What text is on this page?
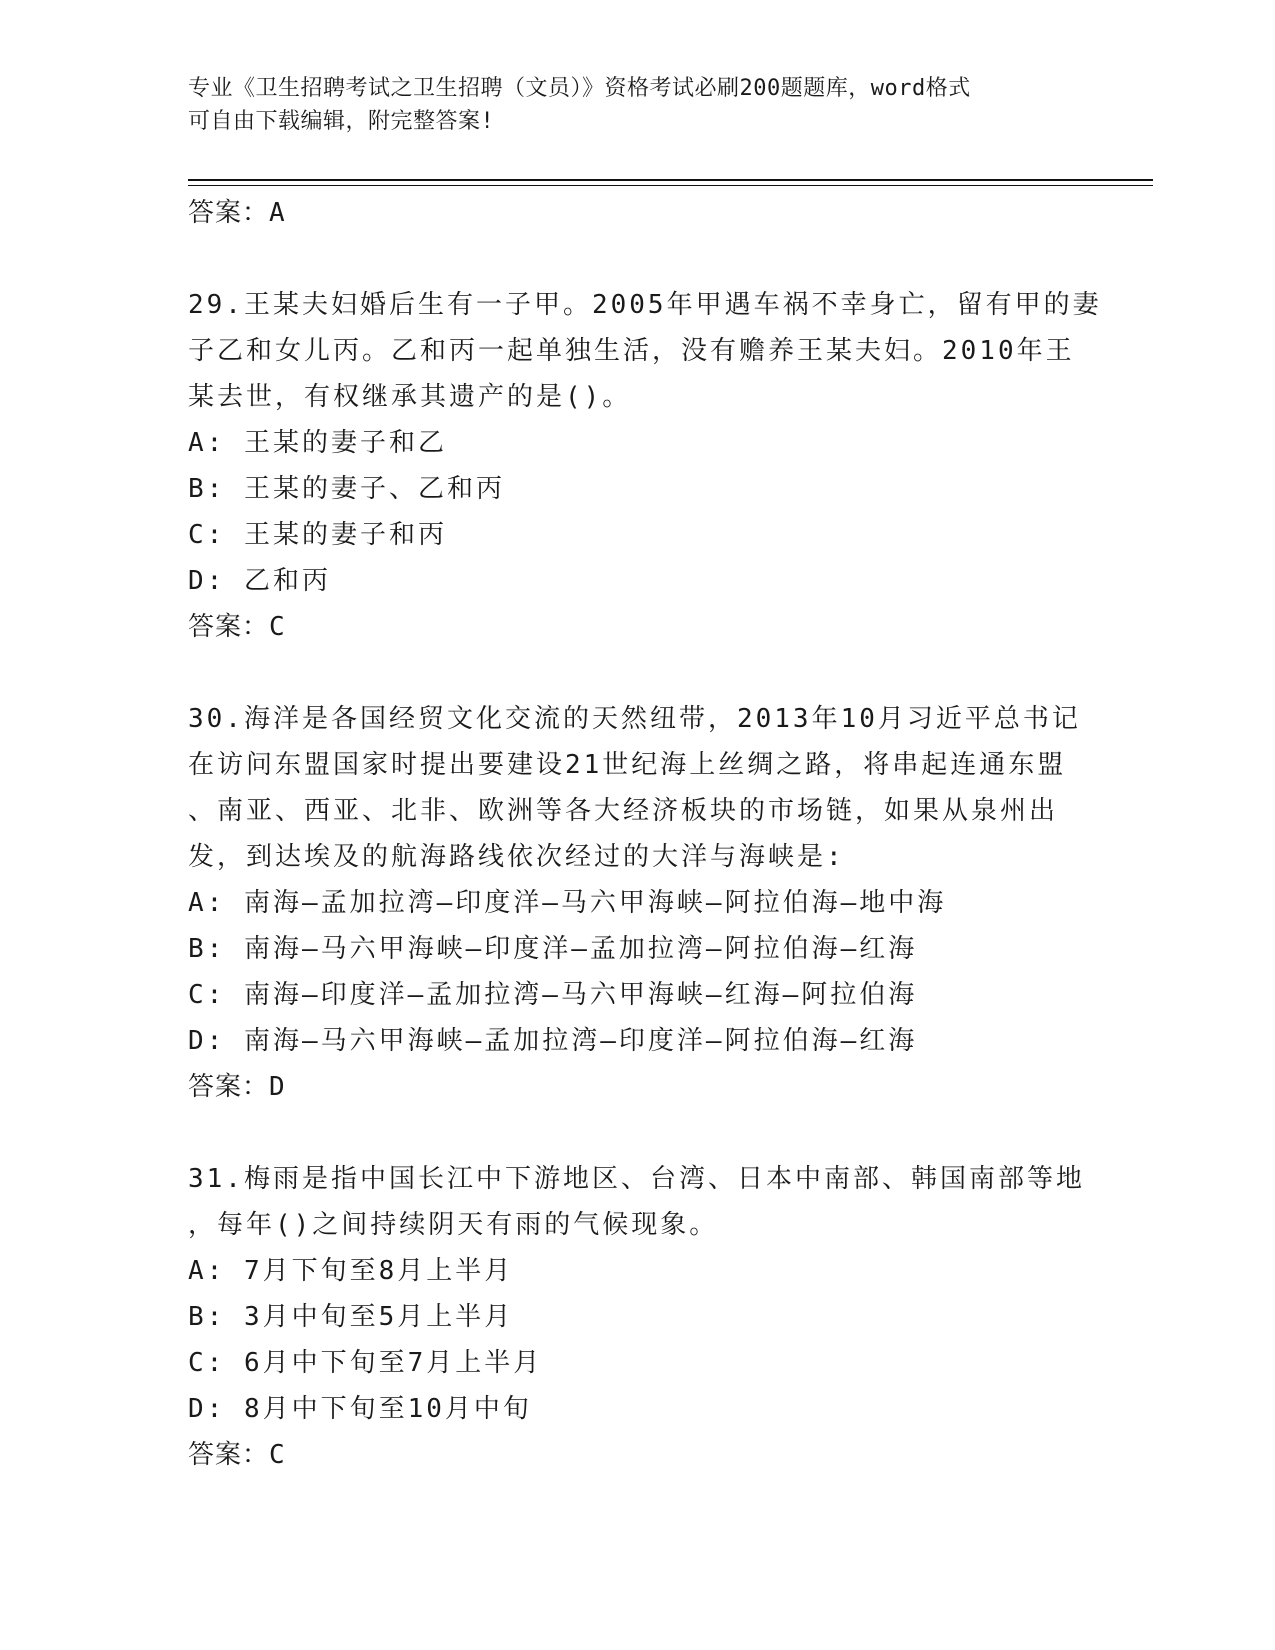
专业《卫生招聘考试之卫生招聘（文员）》资格考试必刷200题题库，word格式
可自由下载编辑，附完整答案!
答案：A
29.王某夫妇婚后生有一子甲。2005年甲遇车祸不幸身亡，留有甲的妻
子乙和女儿丙。乙和丙一起单独生活，没有赡养王某夫妇。2010年王
某去世，有权继承其遗产的是()。
A: 王某的妻子和乙
B: 王某的妻子、乙和丙
C: 王某的妻子和丙
D: 乙和丙
答案：C
30.海洋是各国经贸文化交流的天然纽带，2013年10月习近平总书记
在访问东盟国家时提出要建设21世纪海上丝绸之路，将串起连通东盟
、南亚、西亚、北非、欧洲等各大经济板块的市场链，如果从泉州出
发，到达埃及的航海路线依次经过的大洋与海峡是:
A: 南海—孟加拉湾—印度洋—马六甲海峡—阿拉伯海—地中海
B: 南海—马六甲海峡—印度洋—孟加拉湾—阿拉伯海—红海
C: 南海—印度洋—孟加拉湾—马六甲海峡—红海—阿拉伯海
D: 南海—马六甲海峡—孟加拉湾—印度洋—阿拉伯海—红海
答案：D
31.梅雨是指中国长江中下游地区、台湾、日本中南部、韩国南部等地
，每年()之间持续阴天有雨的气候现象。
A: 7月下旬至8月上半月
B: 3月中旬至5月上半月
C: 6月中下旬至7月上半月
D: 8月中下旬至10月中旬
答案：C
